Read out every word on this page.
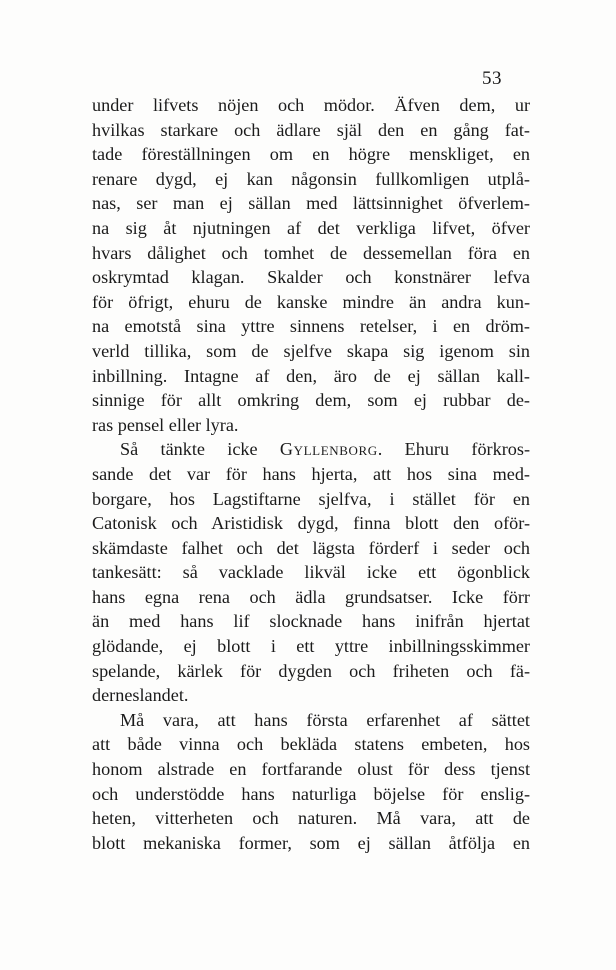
53
under lifvets nöjen och mödor. Äfven dem, ur
hvilkas starkare och ädlare själ den en gång fat-
tade föreställningen om en högre menskliget, en
renare dygd, ej kan någonsin fullkomligen utplå-
nas, ser man ej sällan med lättsinnighet öfverlem-
na sig åt njutningen af det verkliga lifvet, öfver
hvars dålighet och tomhet de dessemellan föra en
oskrymtad klagan. Skalder och konstnärer lefva
för öfrigt, ehuru de kanske mindre än andra kun-
na emotstå sina yttre sinnens retelser, i en dröm-
verld tillika, som de sjelfve skapa sig igenom sin
inbillning. Intagne af den, äro de ej sällan kall-
sinnige för allt omkring dem, som ej rubbar de-
ras pensel eller lyra.
Så tänkte icke Gyllenborg. Ehuru förkros-
sande det var för hans hjerta, att hos sina med-
borgare, hos Lagstiftarne sjelfva, i stället för en
Catonisk och Aristidisk dygd, finna blott den oför-
skämdaste falhet och det lägsta förderf i seder och
tankesätt: så vacklade likväl icke ett ögonblick
hans egna rena och ädla grundsatser. Icke förr
än med hans lif slocknade hans inifrån hjertat
glödande, ej blott i ett yttre inbillningsskimmer
spelande, kärlek för dygden och friheten och fä-
derneslandet.
Må vara, att hans första erfarenhet af sättet
att både vinna och bekläda statens embeten, hos
honom alstrade en fortfarande olust för dess tjenst
och understödde hans naturliga böjelse för enslig-
heten, vitterheten och naturen. Må vara, att de
blott mekaniska former, som ej sällan åtfölja en
